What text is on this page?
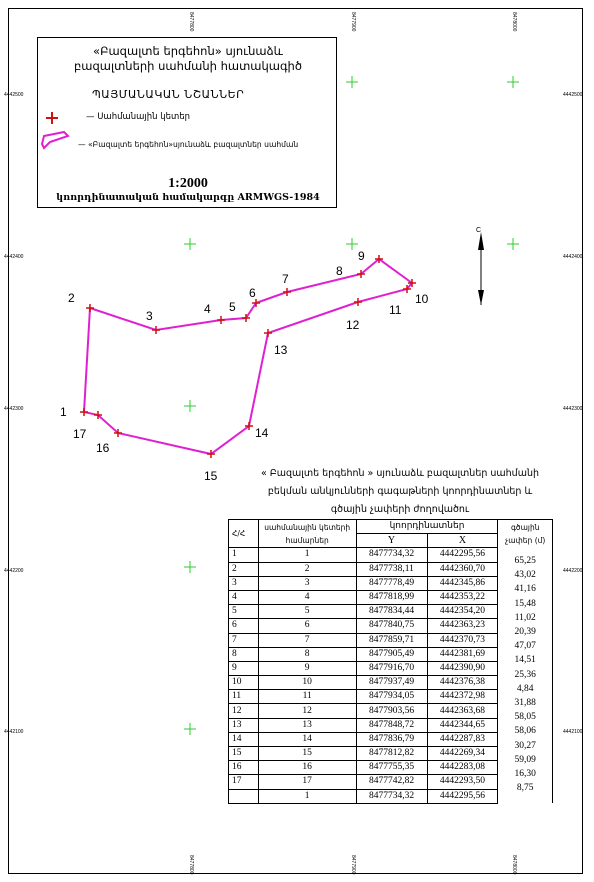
1
2
3	4 5
6
7
8
9
10
11
12
13
14
15
16
17
C
4442500
4442400
4442300
4442200
4442100
4442500
4442400
4442300
4442200
4442100
8477800	8477900	8478000
8477800	8477900	8478000
«Բազալտե երգեհոն» սյունաձև
բազալտների սահմանի հատակագիծ
ՊԱՅՄԱՆԱԿԱՆ ՆՇԱՆՆԵՐ
— Սահմանային կետեր
— «Բազալտե երգեհոն»սյունաձև բազալտներ սահման
1:2000
կոորդինատական համակարգը ARMWGS-1984
« Բազալտե երգեհոն » սյունաձև բազալտներ սահմանի
բեկման անկյունների գագաթների կոորդինատներ և
գծային չափերի ժողովածու
Հ/Հ	սահմանային կետերի համարներ	կոորդինատներ		գծային չափեր (մ)
		Y	X	
1	1	8477734,32	4442295,56	
2	2	8477738,11	4442360,70	65,25

3	3	8477778,49	4442345,86	43,02

4	4	8477818,99	4442353,22	41,16

5	5	8477834,44	4442354,20	15,48

6	6	8477840,75	4442363,23	11,02

7	7	8477859,71	4442370,73	20,39

8	8	8477905,49	4442381,69	47,07

9	9	8477916,70	4442390,90	14,51

10	10	8477937,49	4442376,38	25,36

11	11	8477934,05	4442372,98	4,84

12	12	8477903,56	4442363,68	31,88

13	13	8477848,72	4442344,65	58,05

14	14	8477836,79	4442287,83	58,06

15	15	8477812,82	4442269,34	30,27

16	16	8477755,35	4442283,08	59,09

17	17	8477742,82	4442293,50	16,30

	1	8477734,32	4442295,56	8,75
